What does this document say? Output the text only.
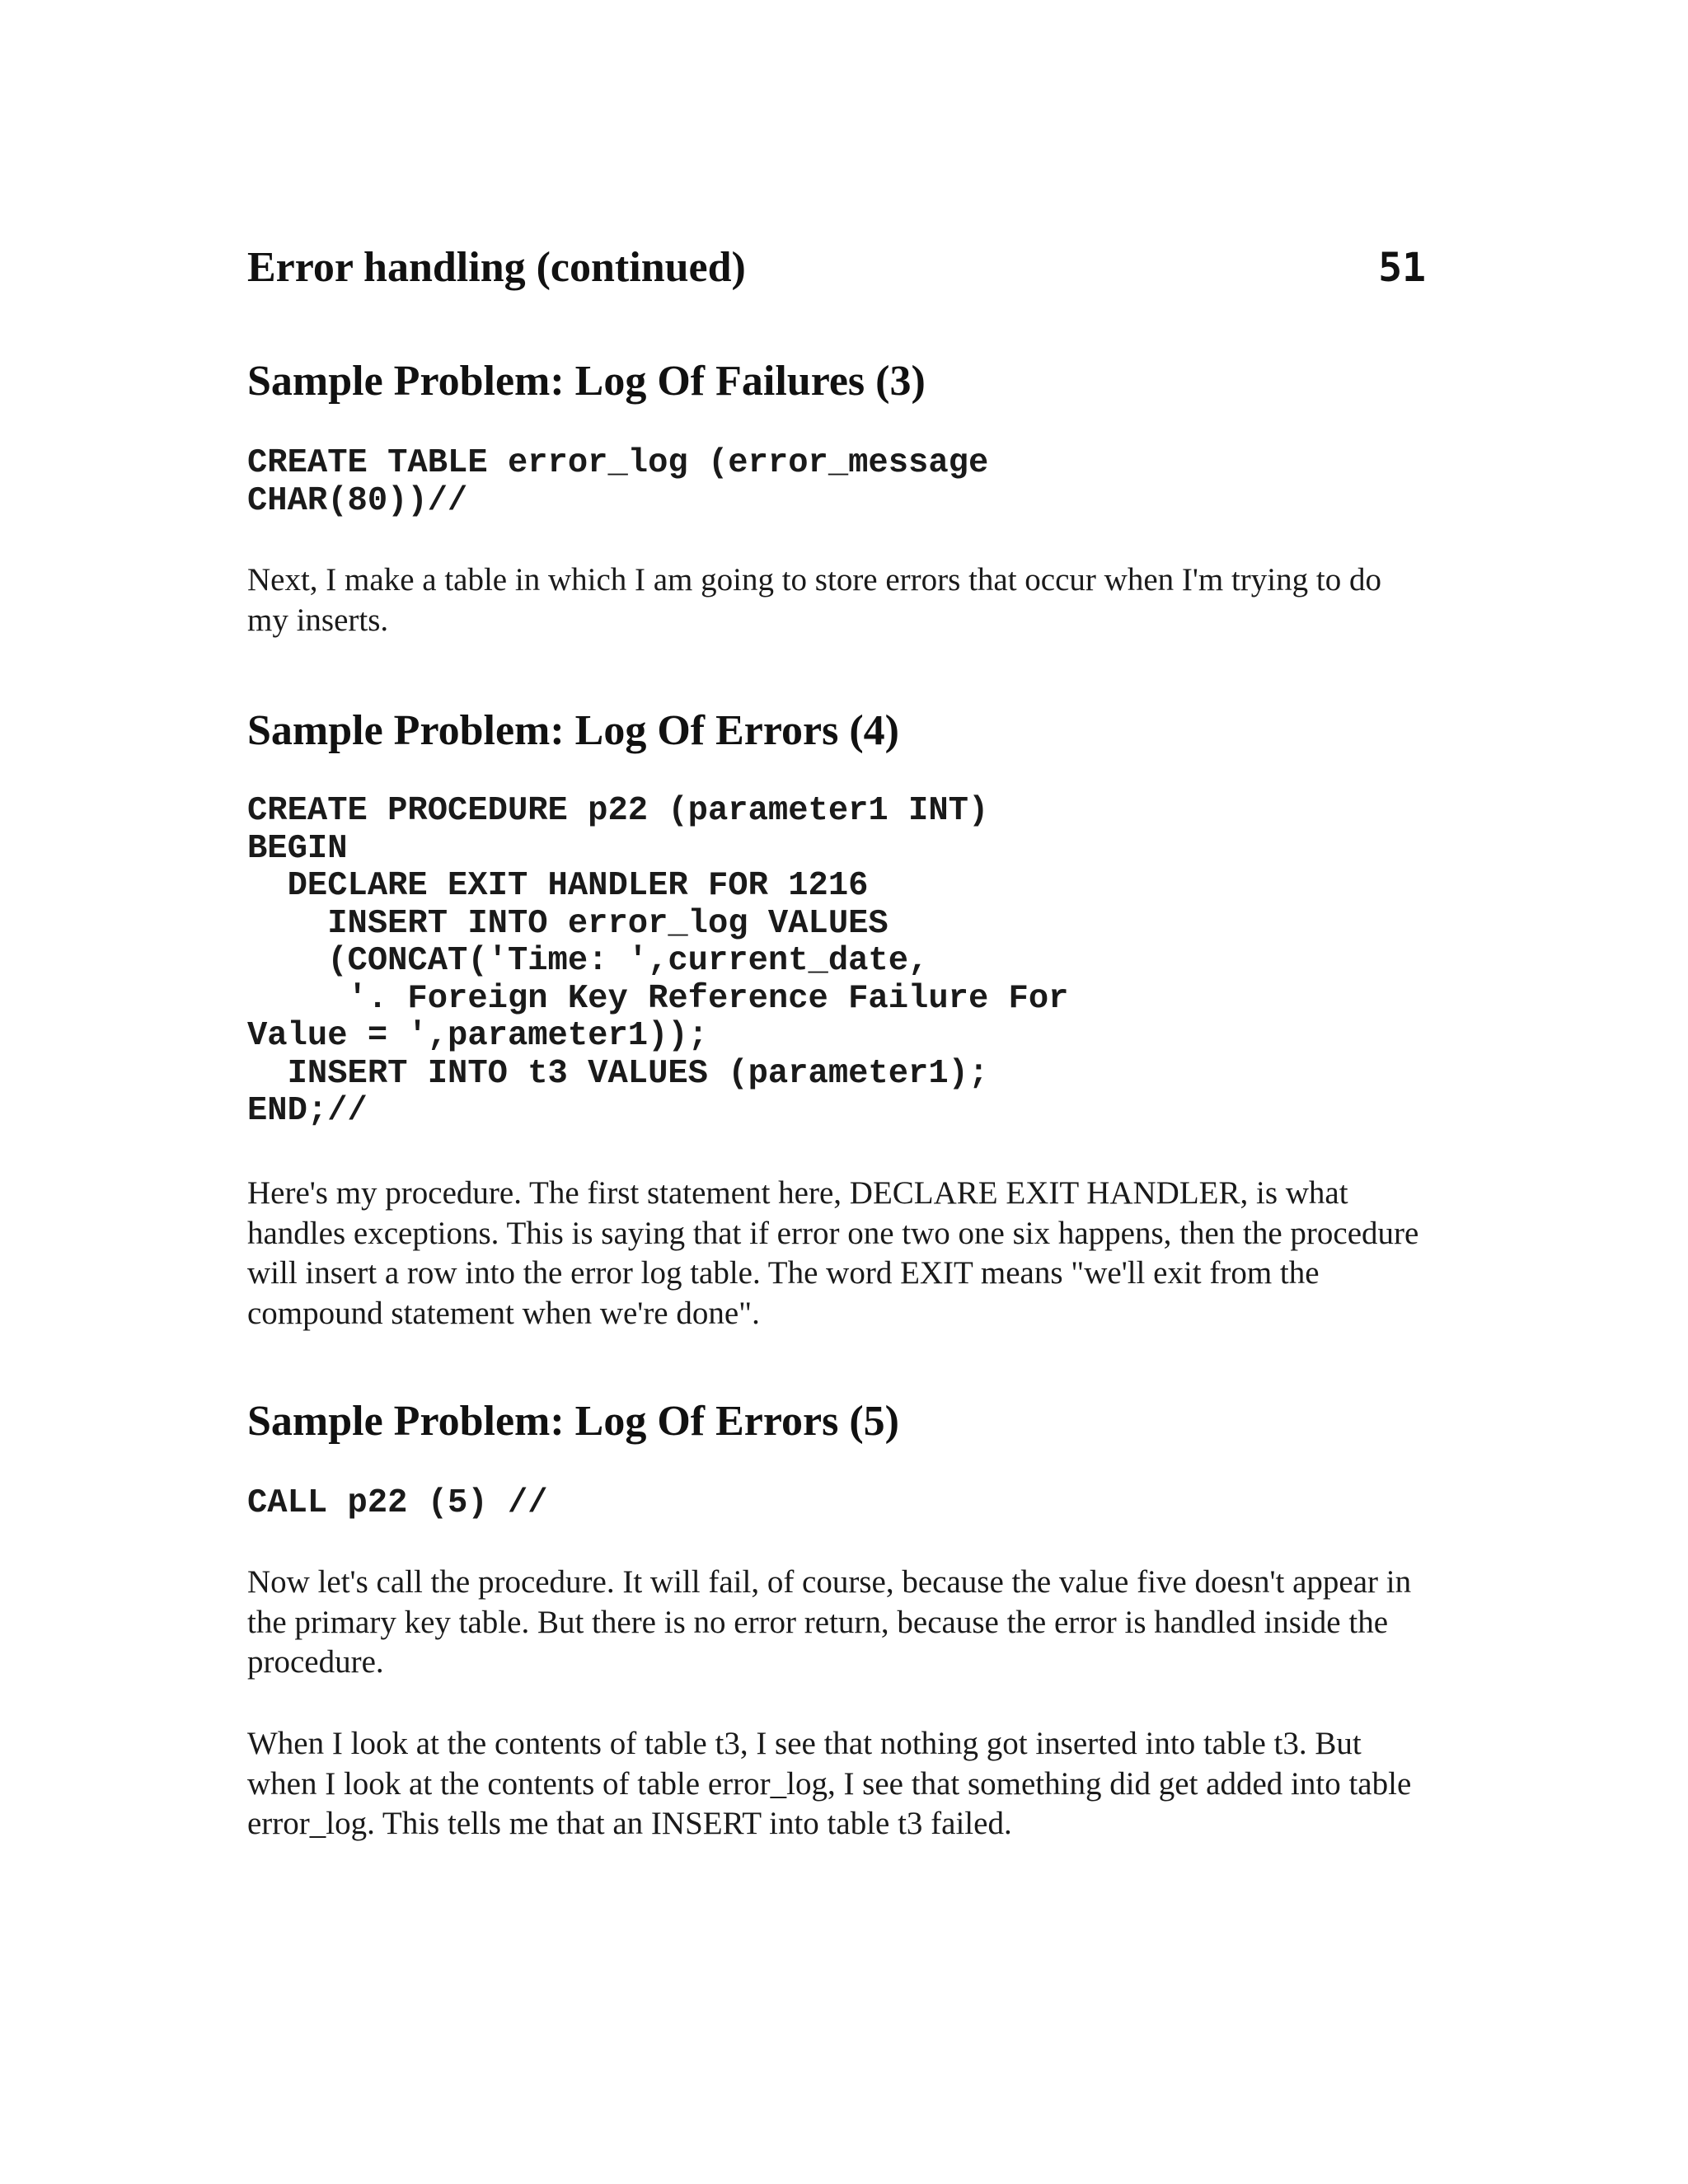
Error handling (continued)	51
Sample Problem: Log Of Failures (3)
CREATE TABLE error_log (error_message
CHAR(80))//

Next, I make a table in which I am going to store errors that occur when I'm trying to do my inserts.

Sample Problem: Log Of Errors (4)
CREATE PROCEDURE p22 (parameter1 INT)
BEGIN
DECLARE EXIT HANDLER FOR 1216
INSERT INTO error_log VALUES
(CONCAT('Time: ',current_date,
'. Foreign Key Reference Failure For
Value = ',parameter1));
INSERT INTO t3 VALUES (parameter1);
END;//

Here's my procedure. The first statement here, DECLARE EXIT HANDLER, is what handles exceptions. This is saying that if error one two one six happens, then the procedure will insert a row into the error log table. The word EXIT means "we'll exit from the compound statement when we're done".

Sample Problem: Log Of Errors (5)
CALL p22 (5) //

Now let's call the procedure. It will fail, of course, because the value five doesn't appear in the primary key table. But there is no error return, because the error is handled inside the procedure.

When I look at the contents of table t3, I see that nothing got inserted into table t3. But when I look at the contents of table error_log, I see that something did get added into table error_log. This tells me that an INSERT into table t3 failed.
